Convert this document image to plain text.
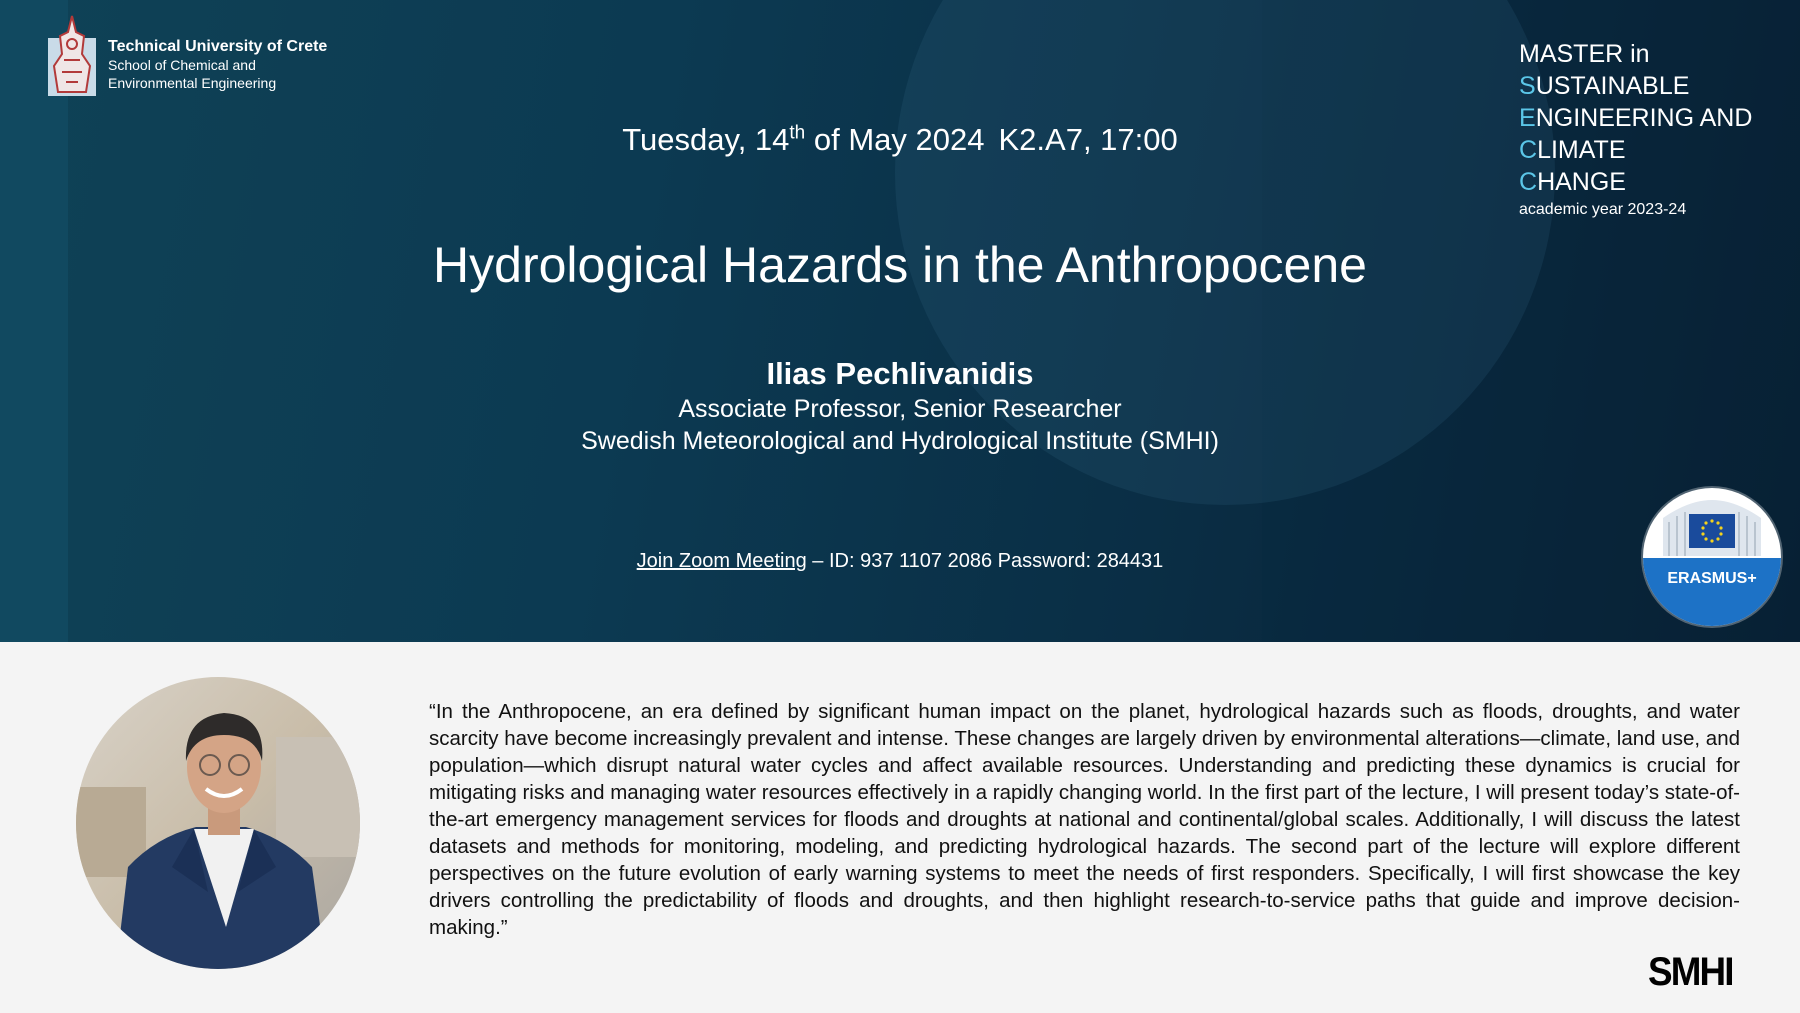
Technical University of Crete
School of Chemical and
Environmental Engineering
Tuesday, 14th of May 2024 K2.A7, 17:00
Hydrological Hazards in the Anthropocene
Ilias Pechlivanidis
Associate Professor, Senior Researcher
Swedish Meteorological and Hydrological Institute (SMHI)
Join Zoom Meeting – ID: 937 1107 2086 Password: 284431
MASTER in
SUSTAINABLE
ENGINEERING AND
CLIMATE
CHANGE
academic year 2023-24
ERASMUS+
“In the Anthropocene, an era defined by significant human impact on the planet, hydrological hazards such as floods, droughts, and water scarcity have become increasingly prevalent and intense. These changes are largely driven by environmental alterations—climate, land use, and population—which disrupt natural water cycles and affect available resources. Understanding and predicting these dynamics is crucial for mitigating risks and managing water resources effectively in a rapidly changing world. In the first part of the lecture, I will present today’s state-of-the-art emergency management services for floods and droughts at national and continental/global scales. Additionally, I will discuss the latest datasets and methods for monitoring, modeling, and predicting hydrological hazards. The second part of the lecture will explore different perspectives on the future evolution of early warning systems to meet the needs of first responders. Specifically, I will first showcase the key drivers controlling the predictability of floods and droughts, and then highlight research-to-service paths that guide and improve decision-making.”
SMHI
